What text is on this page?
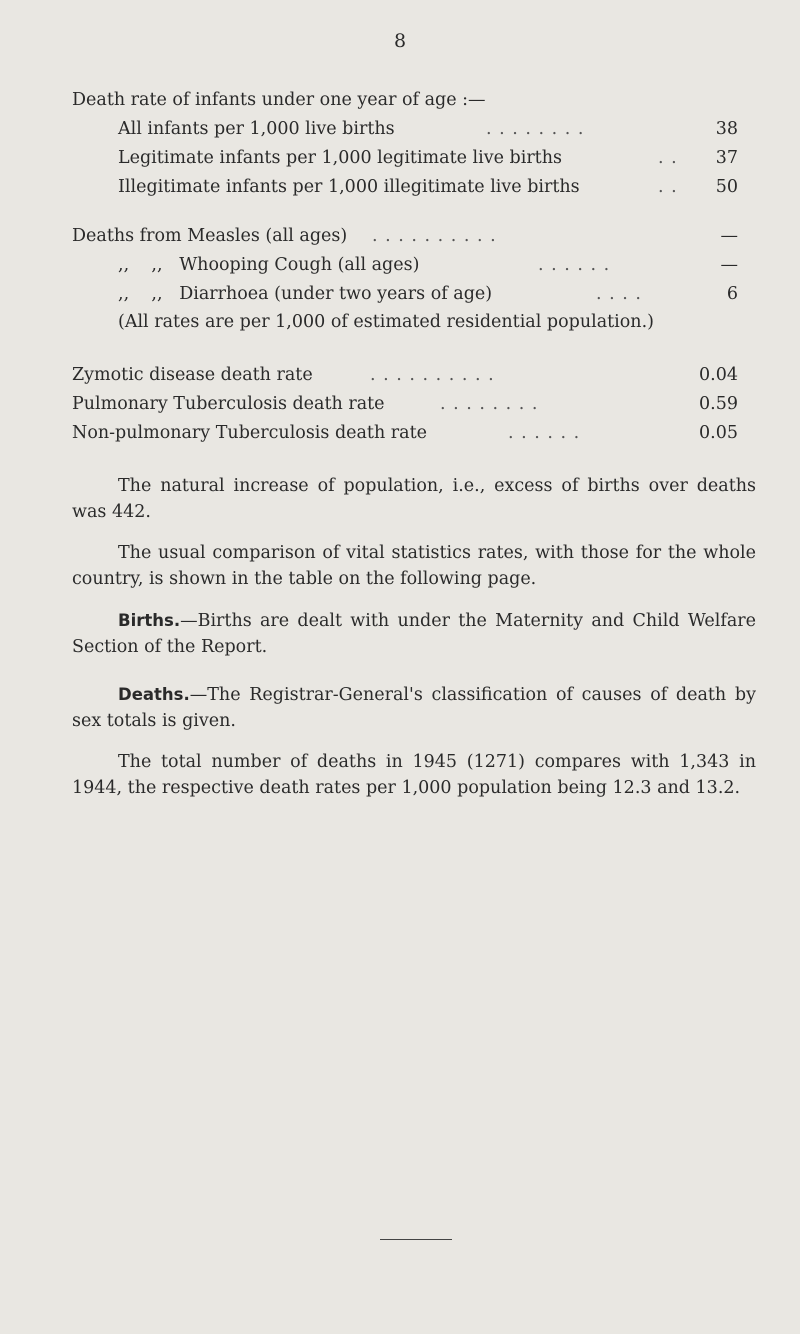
8
Death rate of infants under one year of age :—
All infants per 1,000 live births	. . . . . . . .	38
Legitimate infants per 1,000 legitimate live births	. . 37
Illegitimate infants per 1,000 illegitimate live births	. . 50
Deaths from Measles (all ages) . . . . . . . . . .	—
,,    ,,   Whooping Cough (all ages)	. . . . . .	—
,,    ,,   Diarrhoea (under two years of age)	. . . .	6
(All rates are per 1,000 of estimated residential population.)
Zymotic disease death rate	. . . . . . . . . .	0.04
Pulmonary Tuberculosis death rate	. . . . . . . .	0.59
Non-pulmonary Tuberculosis death rate	. . . . . .	0.05
The natural increase of population, i.e., excess of births over deaths was 442.
The usual comparison of vital statistics rates, with those for the whole country, is shown in the table on the following page.
Births.—Births are dealt with under the Maternity and Child Welfare Section of the Report.
Deaths.—The Registrar-General's classification of causes of death by sex totals is given.
The total number of deaths in 1945 (1271) compares with 1,343 in 1944, the respective death rates per 1,000 population being 12.3 and 13.2.
